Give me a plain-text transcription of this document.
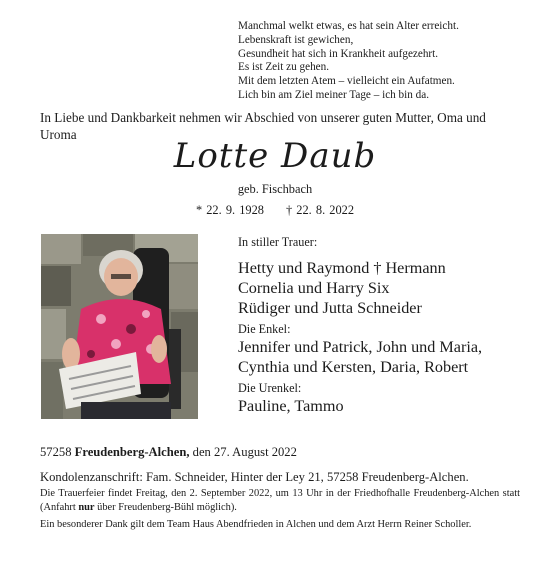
Manchmal welkt etwas, es hat sein Alter erreicht.
Lebenskraft ist gewichen,
Gesundheit hat sich in Krankheit aufgezehrt.
Es ist Zeit zu gehen.
Mit dem letzten Atem – vielleicht ein Aufatmen.
Lich bin am Ziel meiner Tage – ich bin da.
In Liebe und Dankbarkeit nehmen wir Abschied von unserer guten Mutter, Oma und Uroma
Lotte Daub
geb. Fischbach
* 22. 9. 1928 † 22. 8. 2022

In stiller Trauer:

Hetty und Raymond † Hermann

Cornelia und Harry Six

Rüdiger und Jutta Schneider

Die Enkel:

Jennifer und Patrick, John und Maria,

Cynthia und Kersten, Daria, Robert

Die Urenkel:

Pauline, Tammo

57258 Freudenberg-Alchen, den 27. August 2022
Kondolenzanschrift: Fam. Schneider, Hinter der Ley 21, 57258 Freudenberg-Alchen.
Die Trauerfeier findet Freitag, den 2. September 2022, um 13 Uhr in der Friedhofhalle Freudenberg-Alchen statt (Anfahrt nur über Freudenberg-Bühl möglich).
Ein besonderer Dank gilt dem Team Haus Abendfrieden in Alchen und dem Arzt Herrn Reiner Scholler.
